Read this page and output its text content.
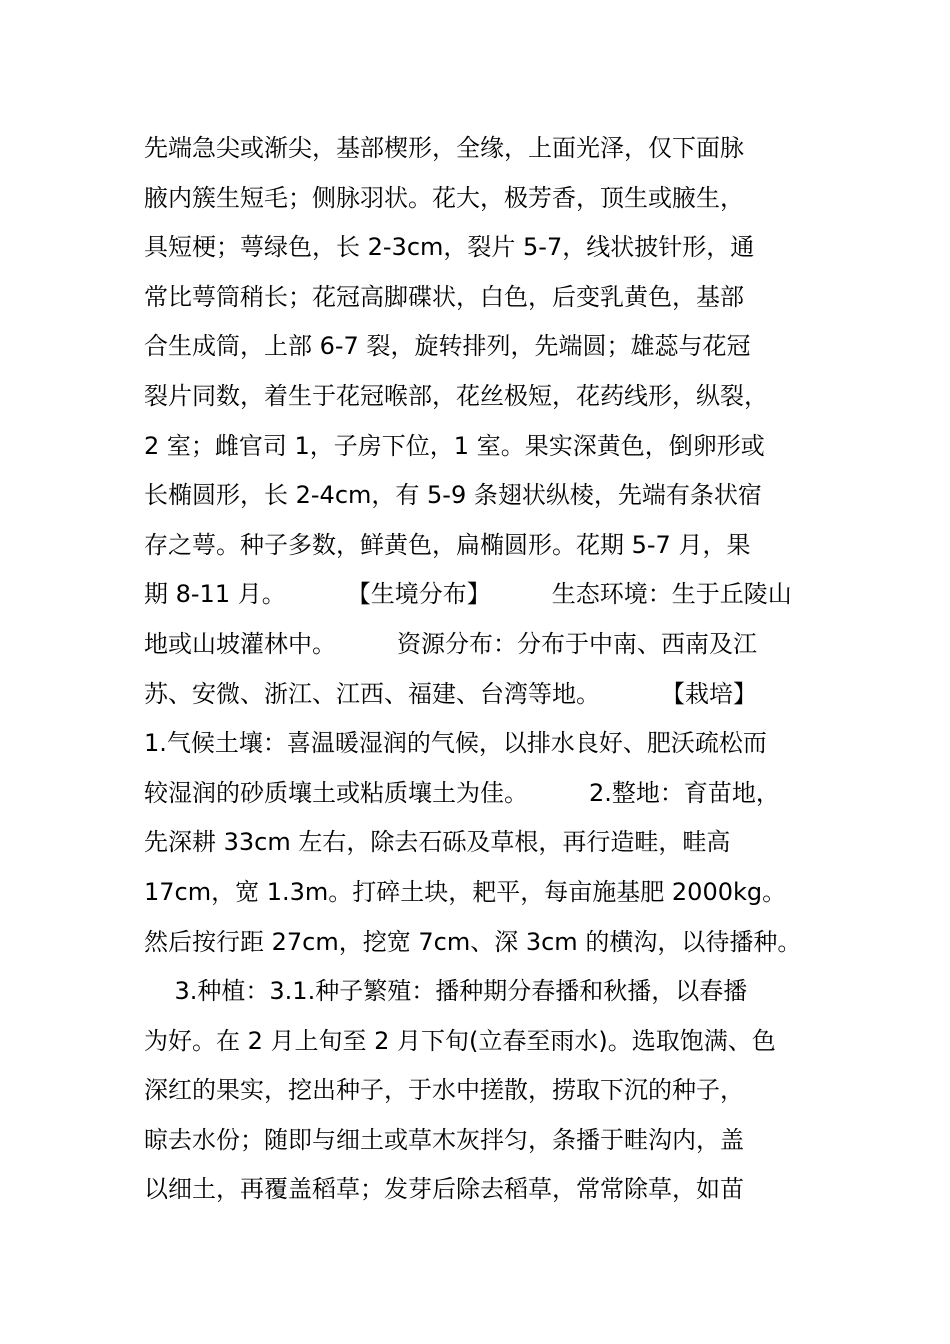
先端急尖或渐尖，基部楔形，全缘，上面光泽，仅下面脉
腋内簇生短毛；侧脉羽状。花大，极芳香，顶生或腋生，
具短梗；萼绿色，长 2-3cm，裂片 5-7，线状披针形，通
常比萼筒稍长；花冠高脚碟状，白色，后变乳黄色，基部
合生成筒，上部 6-7 裂，旋转排列，先端圆；雄蕊与花冠
裂片同数，着生于花冠喉部，花丝极短，花药线形，纵裂，
2 室；雌官司 1，子房下位，1 室。果实深黄色，倒卵形或
长椭圆形，长 2-4cm，有 5-9 条翅状纵棱，先端有条状宿
存之萼。种子多数，鲜黄色，扁椭圆形。花期 5-7 月，果
期 8-11 月。        【生境分布】        生态环境：生于丘陵山
地或山坡灌林中。        资源分布：分布于中南、西南及江
苏、安微、浙江、江西、福建、台湾等地。        【栽培】
1.气候土壤：喜温暖湿润的气候，以排水良好、肥沃疏松而
较湿润的砂质壤土或粘质壤土为佳。        2.整地：育苗地，
先深耕 33cm 左右，除去石砾及草根，再行造畦，畦高
17cm，宽 1.3m。打碎土块，耙平，每亩施基肥 2000kg。
然后按行距 27cm，挖宽 7cm、深 3cm 的横沟，以待播种。
3.种植：3.1.种子繁殖：播种期分春播和秋播，以春播
为好。在 2 月上旬至 2 月下旬(立春至雨水)。选取饱满、色
深红的果实，挖出种子，于水中搓散，捞取下沉的种子，
晾去水份；随即与细土或草木灰拌匀，条播于畦沟内，盖
以细土，再覆盖稻草；发芽后除去稻草，常常除草，如苗
